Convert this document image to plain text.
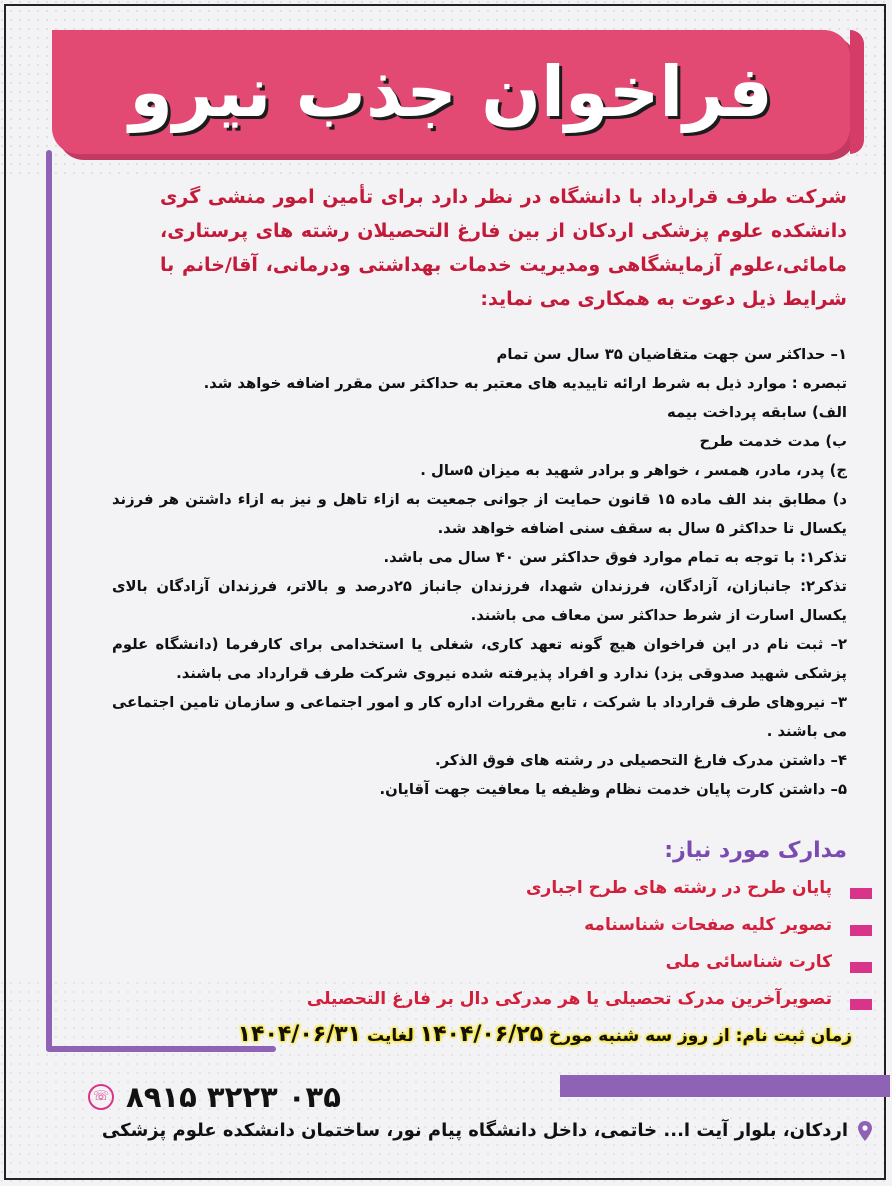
فراخوان جذب نیرو
شرکت طرف قرارداد با دانشگاه در نظر دارد برای تأمین امور منشی گری دانشکده علوم پزشکی اردکان از بین فارغ التحصیلان رشته های پرستاری، مامائی،علوم آزمایشگاهی ومدیریت خدمات بهداشتی ودرمانی، آقا/خانم با شرایط ذیل دعوت به همکاری می نماید:

۱– حداکثر سن جهت متقاضیان ۳۵ سال سن تمام

تبصره : موارد ذیل به شرط ارائه تاییدیه های معتبر به حداکثر سن مقرر اضافه خواهد شد.

الف) سابقه پرداخت بیمه

ب) مدت خدمت طرح

ج) پدر، مادر، همسر ، خواهر و برادر شهید به میزان ۵سال .

د) مطابق بند الف ماده ۱۵ قانون حمایت از جوانی جمعیت به ازاء تاهل و نیز به ازاء داشتن هر فرزند یکسال تا حداکثر ۵ سال به سقف سنی اضافه خواهد شد.

تذکر۱: با توجه به تمام موارد فوق حداکثر سن ۴۰ سال می باشد.

تذکر۲: جانبازان، آزادگان، فرزندان شهدا، فرزندان جانباز ۲۵درصد و بالاتر، فرزندان آزادگان بالای یکسال اسارت از شرط حداکثر سن معاف می باشند.

۲– ثبت نام در این فراخوان هیچ گونه تعهد کاری، شغلی یا استخدامی برای کارفرما (دانشگاه علوم پزشکی شهید صدوقی یزد) ندارد و افراد پذیرفته شده نیروی شرکت طرف قرارداد می باشند.

۳– نیروهای طرف قرارداد با شرکت ، تابع مقررات اداره کار و امور اجتماعی و سازمان تامین اجتماعی می باشند .

۴– داشتن مدرک فارغ التحصیلی در رشته های فوق الذکر.

۵– داشتن کارت پایان خدمت نظام وظیفه یا معافیت جهت آقایان.

مدارک مورد نیاز:
پایان طرح در رشته های طرح اجباری
تصویر کلیه صفحات شناسنامه
کارت شناسائی ملی
تصویرآخرین مدرک تحصیلی یا هر مدرکی دال بر فارغ التحصیلی
زمان ثبت نام: از روز سه شنبه مورخ ۱۴۰۴/۰۶/۲۵ لغایت ۱۴۰۴/۰۶/۳۱
☏ ۰۳۵ ۳۲۲۳ ۸۹۱۵
اردکان، بلوار آیت ا... خاتمی، داخل دانشگاه پیام نور، ساختمان دانشکده علوم پزشکی
